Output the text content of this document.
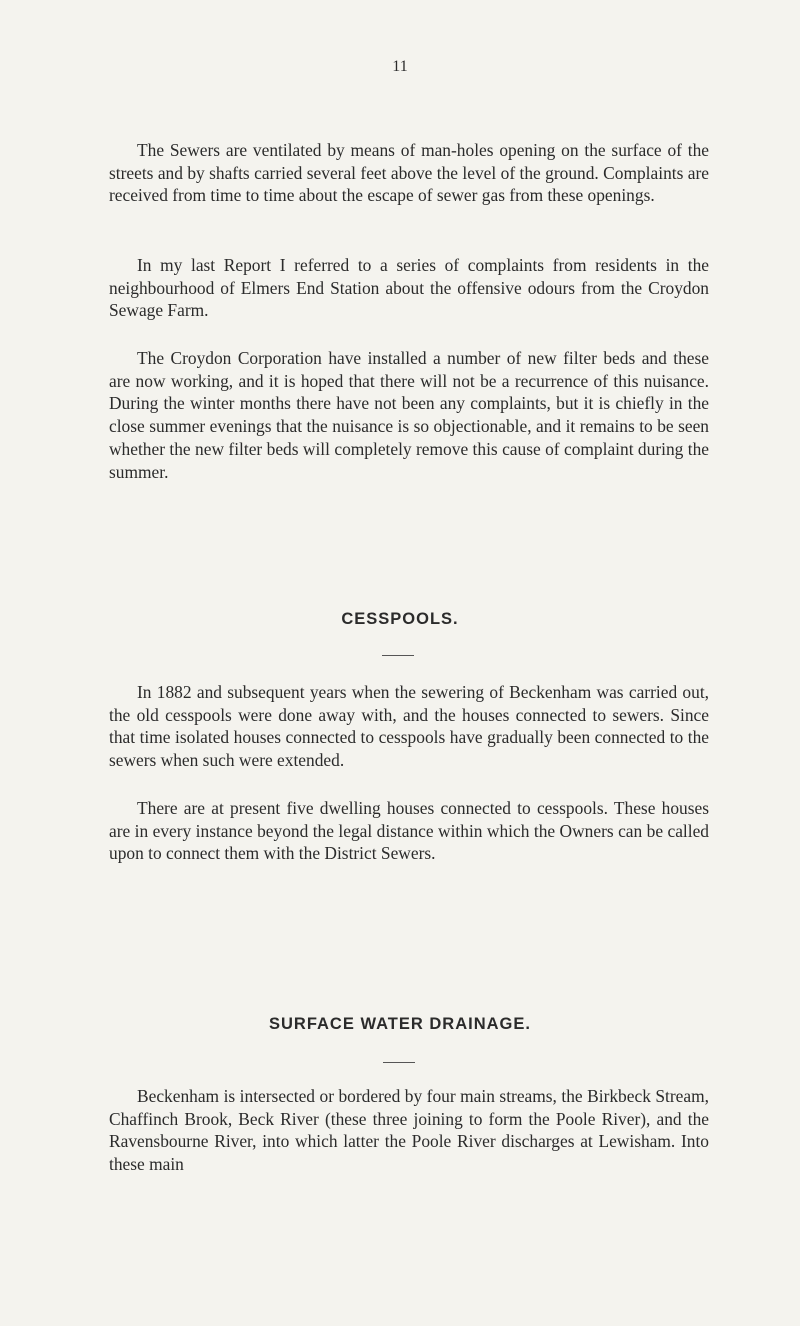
11

The Sewers are ventilated by means of man-holes opening on the surface of the streets and by shafts carried several feet above the level of the ground. Complaints are received from time to time about the escape of sewer gas from these openings.

In my last Report I referred to a series of complaints from residents in the neighbourhood of Elmers End Station about the offensive odours from the Croydon Sewage Farm.

The Croydon Corporation have installed a number of new filter beds and these are now working, and it is hoped that there will not be a recurrence of this nuisance. During the winter months there have not been any complaints, but it is chiefly in the close summer evenings that the nuisance is so objectionable, and it remains to be seen whether the new filter beds will completely remove this cause of complaint during the summer.

CESSPOOLS.

In 1882 and subsequent years when the sewering of Beckenham was carried out, the old cesspools were done away with, and the houses connected to sewers. Since that time isolated houses connected to cesspools have gradually been connected to the sewers when such were extended.

There are at present five dwelling houses connected to cesspools. These houses are in every instance beyond the legal distance within which the Owners can be called upon to connect them with the District Sewers.

SURFACE WATER DRAINAGE.

Beckenham is intersected or bordered by four main streams, the Birkbeck Stream, Chaffinch Brook, Beck River (these three joining to form the Poole River), and the Ravensbourne River, into which latter the Poole River discharges at Lewisham. Into these main
